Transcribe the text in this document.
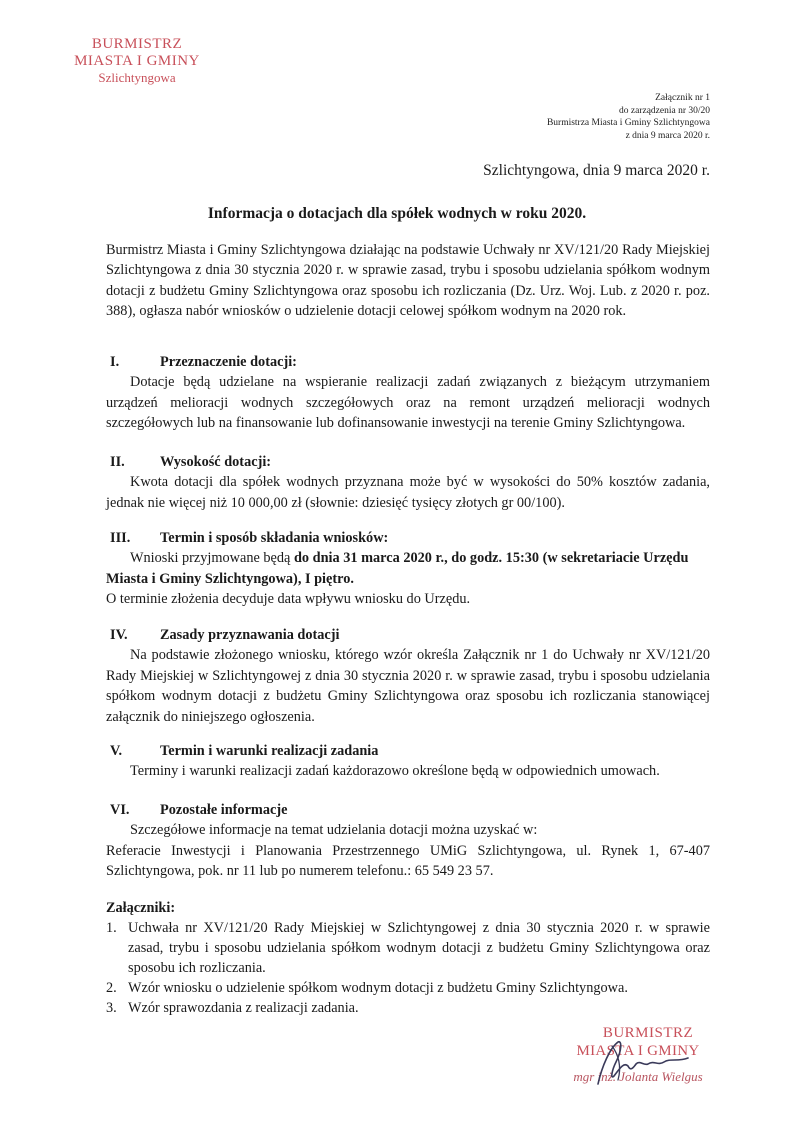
BURMISTRZ
MIASTA I GMINY
Szlichtyngowa
Załącznik nr 1
do zarządzenia nr 30/20
Burmistrza Miasta i Gminy Szlichtyngowa
z dnia 9 marca 2020 r.
Szlichtyngowa, dnia 9 marca 2020 r.
Informacja o dotacjach dla spółek wodnych w roku 2020.

Burmistrz Miasta i Gminy Szlichtyngowa działając na podstawie Uchwały nr XV/121/20 Rady Miejskiej Szlichtyngowa z dnia 30 stycznia 2020 r. w sprawie zasad, trybu i sposobu udzielania spółkom wodnym dotacji z budżetu Gminy Szlichtyngowa oraz sposobu ich rozliczania (Dz. Urz. Woj. Lub. z 2020 r. poz. 388), ogłasza nabór wniosków o udzielenie dotacji celowej spółkom wodnym na 2020 rok.

I.	Przeznaczenie dotacji:

Dotacje będą udzielane na wspieranie realizacji zadań związanych z bieżącym utrzymaniem urządzeń melioracji wodnych szczegółowych oraz na remont urządzeń melioracji wodnych szczegółowych lub na finansowanie lub dofinansowanie inwestycji na terenie Gminy Szlichtyngowa.

II.	Wysokość dotacji:

Kwota dotacji dla spółek wodnych przyznana może być w wysokości do 50% kosztów zadania, jednak nie więcej niż 10 000,00 zł (słownie: dziesięć tysięcy złotych gr 00/100).

III.	Termin i sposób składania wniosków:

Wnioski przyjmowane będą do dnia 31 marca 2020 r., do godz. 15:30 (w sekretariacie Urzędu Miasta i Gminy Szlichtyngowa), I piętro.

O terminie złożenia decyduje data wpływu wniosku do Urzędu.

IV.	Zasady przyznawania dotacji

Na podstawie złożonego wniosku, którego wzór określa Załącznik nr 1 do Uchwały nr XV/121/20 Rady Miejskiej w Szlichtyngowej z dnia 30 stycznia 2020 r. w sprawie zasad, trybu i sposobu udzielania spółkom wodnym dotacji z budżetu Gminy Szlichtyngowa oraz sposobu ich rozliczania stanowiącej załącznik do niniejszego ogłoszenia.

V.	Termin i warunki realizacji zadania

Terminy i warunki realizacji zadań każdorazowo określone będą w odpowiednich umowach.

VI.	Pozostałe informacje

Szczegółowe informacje na temat udzielania dotacji można uzyskać w:

Referacie Inwestycji i Planowania Przestrzennego UMiG Szlichtyngowa, ul. Rynek 1, 67-407 Szlichtyngowa, pok. nr 11 lub po numerem telefonu.: 65 549 23 57.

Załączniki:
1. Uchwała nr XV/121/20 Rady Miejskiej w Szlichtyngowej z dnia 30 stycznia 2020 r. w sprawie zasad, trybu i sposobu udzielania spółkom wodnym dotacji z budżetu Gminy Szlichtyngowa oraz sposobu ich rozliczania.
2. Wzór wniosku o udzielenie spółkom wodnym dotacji z budżetu Gminy Szlichtyngowa.
3. Wzór sprawozdania z realizacji zadania.
BURMISTRZ
MIASTA I GMINY
mgr inż. Jolanta Wielgus
